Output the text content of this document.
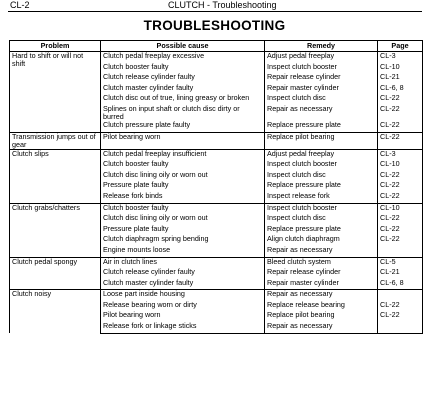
CL-2	CLUTCH - Troubleshooting
TROUBLESHOOTING
Problem	Possible cause	Remedy	Page
Hard to shift or will not shift	Clutch pedal freeplay excessive	Adjust pedal freeplay	CL-3
	Clutch booster faulty	Inspect clutch booster	CL-10
	Clutch release cylinder faulty	Repair release cylinder	CL-21
	Clutch master cylinder faulty	Repair master cylinder	CL-6, 8
	Clutch disc out of true, lining greasy or broken	Inspect clutch disc	CL-22
	Splines on input shaft or clutch disc dirty or burred	Repair as necessary	CL-22
	Clutch pressure plate faulty	Replace pressure plate	CL-22
Transmission jumps out of gear	Pilot bearing worn	Replace pilot bearing	CL-22
Clutch slips	Clutch pedal freeplay insufficient	Adjust pedal freeplay	CL-3
	Clutch booster faulty	Inspect clutch booster	CL-10
	Clutch disc lining oily or worn out	Inspect clutch disc	CL-22
	Pressure plate faulty	Replace pressure plate	CL-22
	Release fork binds	Inspect release fork	CL-22
Clutch grabs/chatters	Clutch booster faulty	Inspect clutch booster	CL-10
	Clutch disc lining oily or worn out	Inspect clutch disc	CL-22
	Pressure plate faulty	Replace pressure plate	CL-22
	Clutch diaphragm spring bending	Align clutch diaphragm	CL-22
	Engine mounts loose	Repair as necessary	
Clutch pedal spongy	Air in clutch lines	Bleed clutch system	CL-5
	Clutch release cylinder faulty	Repair release cylinder	CL-21
	Clutch master cylinder faulty	Repair master cylinder	CL-6, 8
Clutch noisy	Loose part inside housing	Repair as necessary	
	Release bearing worn or dirty	Replace release bearing	CL-22
	Pilot bearing worn	Replace pilot bearing	CL-22
	Release fork or linkage sticks	Repair as necessary	
